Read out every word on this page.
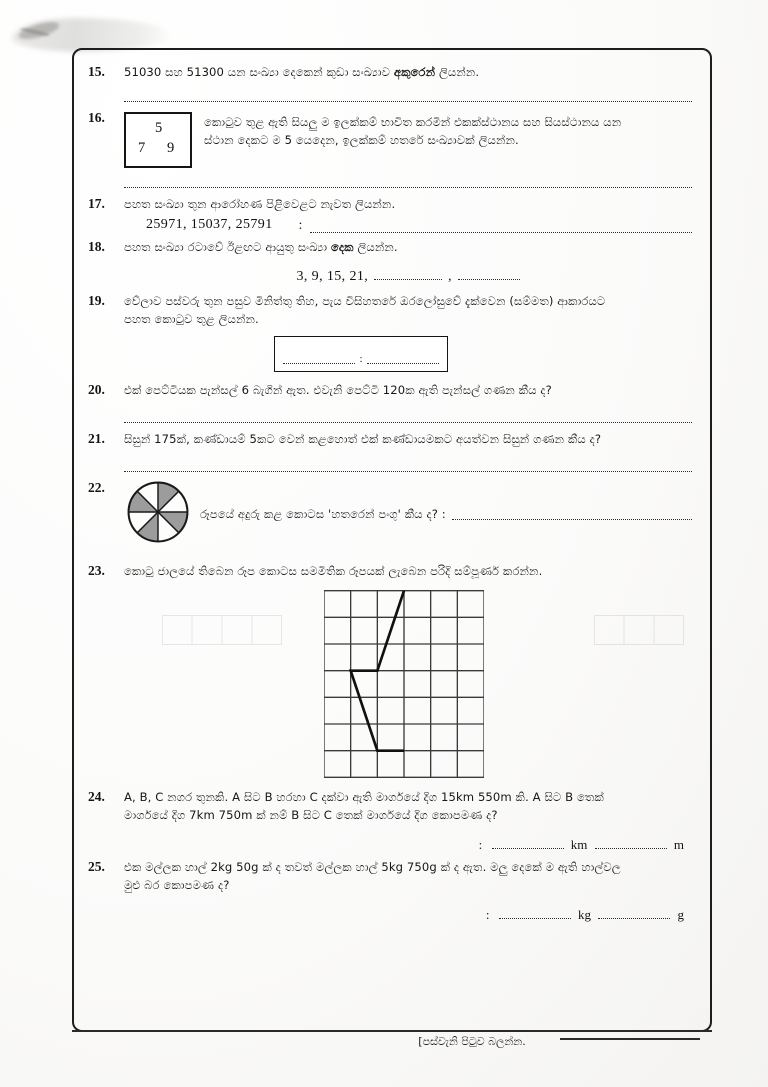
15.	51030 සහ 51300 යන සංඛ්‍යා දෙකෙන් කුඩා සංඛ්‍යාව අකුරෙන් ලියන්න.
16.
5
7 9
කොටුව තුළ ඇති සියලු ම ඉලක්කම් භාවිත කරමින් එකක්ස්ථානය සහ සියස්ථානය යන
ස්ථාන දෙකට ම 5 යෙදෙන, ඉලක්කම් හතරේ සංඛ්‍යාවක් ලියන්න.
17.	පහත සංඛ්‍යා තුන ආරෝහණ පිළිවෙළට නැවත ලියන්න.
25971, 15037, 25791 :
18.	පහත සංඛ්‍යා රටාවේ ඊළඟට ආයුතු සංඛ්‍යා දෙක ලියන්න.
3, 9, 15, 21,	,
19.	වේලාව පස්වරු තුන පසුව මිනිත්තු තිහ, පැය විසිහතරේ ඔරලෝසුවේ දැක්වෙන (සම්මත) ආකාරයට
පහත කොටුව තුළ ලියන්න.
:
20.	එක් පෙට්ටියක පැන්සල් 6 බැගින් ඇත. එවැනි පෙට්ටි 120ක ඇති පැන්සල් ගණන කීය ද?
21.	සිසුන් 175ක්, කණ්ඩායම් 5කට වෙන් කළහොත් එක් කණ්ඩායමකට අයත්වන සිසුන් ගණන කීය ද?
22.
රූපයේ අදුරු කළ කොටස 'හතරෙන් පංගු' කීය ද? :
23.	කොටු ජාලයේ තිබෙන රූප කොටස සමමිතික රූපයක් ලැබෙන පරිදි සම්පූර්ණ කරන්න.
24.	A, B, C නගර තුනකි. A සිට B හරහා C දක්වා ඇති මාර්ගයේ දිග 15km 550m කි. A සිට B තෙක්
මාර්ගයේ දිග 7km 750m ක් නම් B සිට C තෙක් මාර්ගයේ දිග කොපමණ ද?
:	km	m
25.	එක මල්ලක හාල් 2kg 50g ක් ද තවත් මල්ලක හාල් 5kg 750g ක් ද ඇත. මලු දෙකේ ම ඇති හාල්වල
මුළු බර කොපමණ ද?
:	kg	g
[පස්වැනි පිටුව බලන්න.
